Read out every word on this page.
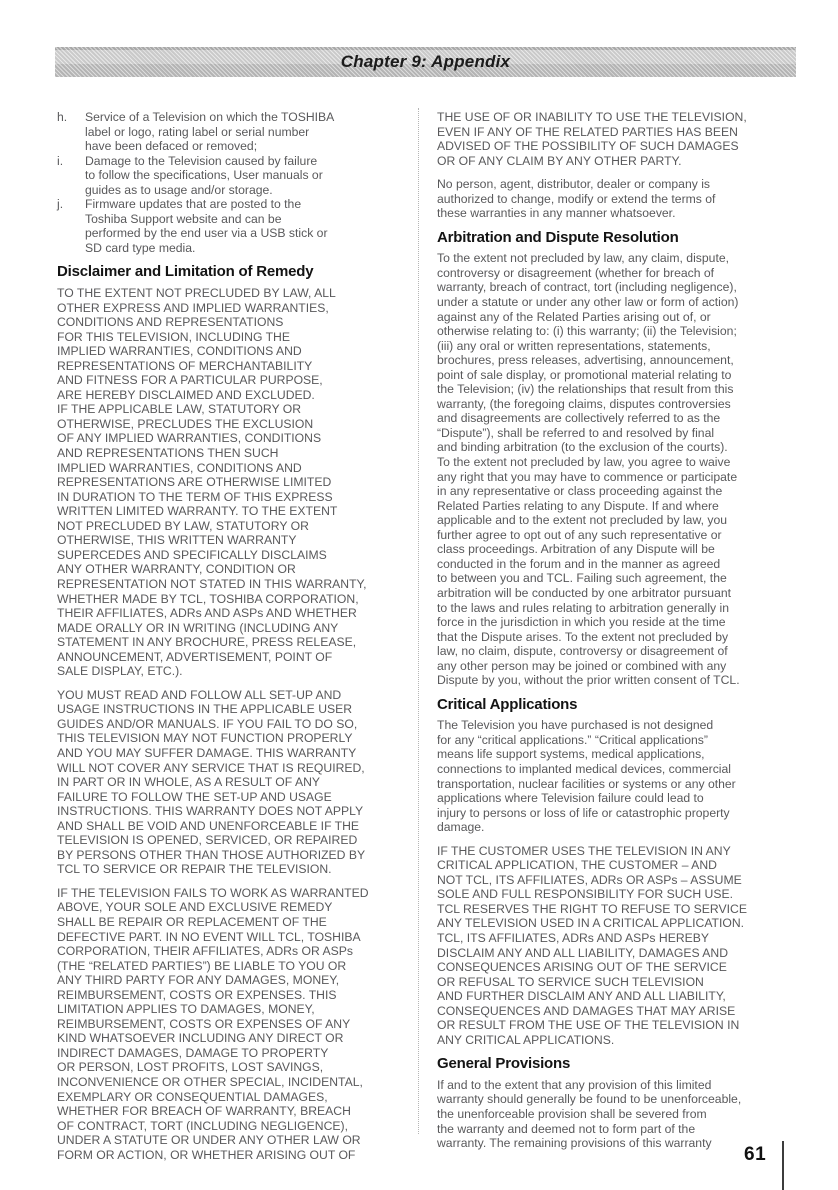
Chapter 9: Appendix
h.	Service of a Television on which the TOSHIBA
label or logo, rating label or serial number
have been defaced or removed;
i.	Damage to the Television caused by failure
to follow the specifications, User manuals or
guides as to usage and/or storage.
j.	Firmware updates that are posted to the
Toshiba Support website and can be
performed by the end user via a USB stick or
SD card type media.
Disclaimer and Limitation of Remedy

TO THE EXTENT NOT PRECLUDED BY LAW, ALL
OTHER EXPRESS AND IMPLIED WARRANTIES,
CONDITIONS AND REPRESENTATIONS
FOR THIS TELEVISION, INCLUDING THE
IMPLIED WARRANTIES, CONDITIONS AND
REPRESENTATIONS OF MERCHANTABILITY
AND FITNESS FOR A PARTICULAR PURPOSE,
ARE HEREBY DISCLAIMED AND EXCLUDED.
IF THE APPLICABLE LAW, STATUTORY OR
OTHERWISE, PRECLUDES THE EXCLUSION
OF ANY IMPLIED WARRANTIES, CONDITIONS
AND REPRESENTATIONS THEN SUCH
IMPLIED WARRANTIES, CONDITIONS AND
REPRESENTATIONS ARE OTHERWISE LIMITED
IN DURATION TO THE TERM OF THIS EXPRESS
WRITTEN LIMITED WARRANTY. TO THE EXTENT
NOT PRECLUDED BY LAW, STATUTORY OR
OTHERWISE, THIS WRITTEN WARRANTY
SUPERCEDES AND SPECIFICALLY DISCLAIMS
ANY OTHER WARRANTY, CONDITION OR
REPRESENTATION NOT STATED IN THIS WARRANTY,
WHETHER MADE BY TCL, TOSHIBA CORPORATION,
THEIR AFFILIATES, ADRs AND ASPs AND WHETHER
MADE ORALLY OR IN WRITING (INCLUDING ANY
STATEMENT IN ANY BROCHURE, PRESS RELEASE,
ANNOUNCEMENT, ADVERTISEMENT, POINT OF
SALE DISPLAY, ETC.).

YOU MUST READ AND FOLLOW ALL SET-UP AND
USAGE INSTRUCTIONS IN THE APPLICABLE USER
GUIDES AND/OR MANUALS. IF YOU FAIL TO DO SO,
THIS TELEVISION MAY NOT FUNCTION PROPERLY
AND YOU MAY SUFFER DAMAGE. THIS WARRANTY
WILL NOT COVER ANY SERVICE THAT IS REQUIRED,
IN PART OR IN WHOLE, AS A RESULT OF ANY
FAILURE TO FOLLOW THE SET-UP AND USAGE
INSTRUCTIONS. THIS WARRANTY DOES NOT APPLY
AND SHALL BE VOID AND UNENFORCEABLE IF THE
TELEVISION IS OPENED, SERVICED, OR REPAIRED
BY PERSONS OTHER THAN THOSE AUTHORIZED BY
TCL TO SERVICE OR REPAIR THE TELEVISION.

IF THE TELEVISION FAILS TO WORK AS WARRANTED
ABOVE, YOUR SOLE AND EXCLUSIVE REMEDY
SHALL BE REPAIR OR REPLACEMENT OF THE
DEFECTIVE PART. IN NO EVENT WILL TCL, TOSHIBA
CORPORATION, THEIR AFFILIATES, ADRs OR ASPs
(THE “RELATED PARTIES”) BE LIABLE TO YOU OR
ANY THIRD PARTY FOR ANY DAMAGES, MONEY,
REIMBURSEMENT, COSTS OR EXPENSES. THIS
LIMITATION APPLIES TO DAMAGES, MONEY,
REIMBURSEMENT, COSTS OR EXPENSES OF ANY
KIND WHATSOEVER INCLUDING ANY DIRECT OR
INDIRECT DAMAGES, DAMAGE TO PROPERTY
OR PERSON, LOST PROFITS, LOST SAVINGS,
INCONVENIENCE OR OTHER SPECIAL, INCIDENTAL,
EXEMPLARY OR CONSEQUENTIAL DAMAGES,
WHETHER FOR BREACH OF WARRANTY, BREACH
OF CONTRACT, TORT (INCLUDING NEGLIGENCE),
UNDER A STATUTE OR UNDER ANY OTHER LAW OR
FORM OR ACTION, OR WHETHER ARISING OUT OF

THE USE OF OR INABILITY TO USE THE TELEVISION,
EVEN IF ANY OF THE RELATED PARTIES HAS BEEN
ADVISED OF THE POSSIBILITY OF SUCH DAMAGES
OR OF ANY CLAIM BY ANY OTHER PARTY.

No person, agent, distributor, dealer or company is
authorized to change, modify or extend the terms of
these warranties in any manner whatsoever.

Arbitration and Dispute Resolution

To the extent not precluded by law, any claim, dispute,
controversy or disagreement (whether for breach of
warranty, breach of contract, tort (including negligence),
under a statute or under any other law or form of action)
against any of the Related Parties arising out of, or
otherwise relating to: (i) this warranty; (ii) the Television;
(iii) any oral or written representations, statements,
brochures, press releases, advertising, announcement,
point of sale display, or promotional material relating to
the Television; (iv) the relationships that result from this
warranty, (the foregoing claims, disputes controversies
and disagreements are collectively referred to as the
“Dispute”), shall be referred to and resolved by final
and binding arbitration (to the exclusion of the courts).
To the extent not precluded by law, you agree to waive
any right that you may have to commence or participate
in any representative or class proceeding against the
Related Parties relating to any Dispute. If and where
applicable and to the extent not precluded by law, you
further agree to opt out of any such representative or
class proceedings. Arbitration of any Dispute will be
conducted in the forum and in the manner as agreed
to between you and TCL. Failing such agreement, the
arbitration will be conducted by one arbitrator pursuant
to the laws and rules relating to arbitration generally in
force in the jurisdiction in which you reside at the time
that the Dispute arises. To the extent not precluded by
law, no claim, dispute, controversy or disagreement of
any other person may be joined or combined with any
Dispute by you, without the prior written consent of TCL.

Critical Applications

The Television you have purchased is not designed
for any “critical applications.” “Critical applications”
means life support systems, medical applications,
connections to implanted medical devices, commercial
transportation, nuclear facilities or systems or any other
applications where Television failure could lead to
injury to persons or loss of life or catastrophic property
damage.

IF THE CUSTOMER USES THE TELEVISION IN ANY
CRITICAL APPLICATION, THE CUSTOMER – AND
NOT TCL, ITS AFFILIATES, ADRs OR ASPs – ASSUME
SOLE AND FULL RESPONSIBILITY FOR SUCH USE.
TCL RESERVES THE RIGHT TO REFUSE TO SERVICE
ANY TELEVISION USED IN A CRITICAL APPLICATION.
TCL, ITS AFFILIATES, ADRs AND ASPs HEREBY
DISCLAIM ANY AND ALL LIABILITY, DAMAGES AND
CONSEQUENCES ARISING OUT OF THE SERVICE
OR REFUSAL TO SERVICE SUCH TELEVISION
AND FURTHER DISCLAIM ANY AND ALL LIABILITY,
CONSEQUENCES AND DAMAGES THAT MAY ARISE
OR RESULT FROM THE USE OF THE TELEVISION IN
ANY CRITICAL APPLICATIONS.

General Provisions

If and to the extent that any provision of this limited
warranty should generally be found to be unenforceable,
the unenforceable provision shall be severed from
the warranty and deemed not to form part of the
warranty. The remaining provisions of this warranty

61
